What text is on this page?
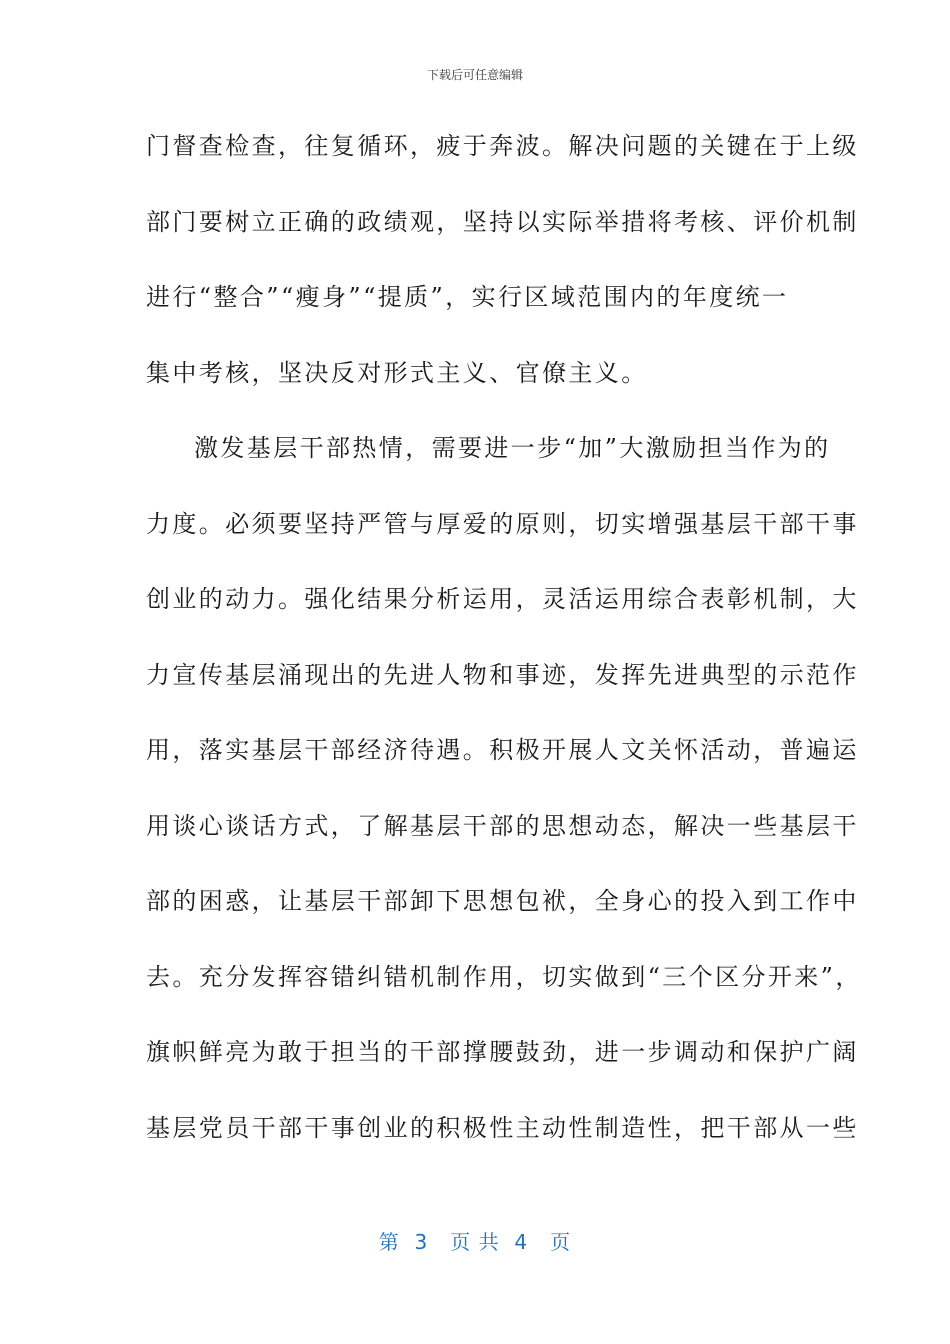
下载后可任意编辑
门督查检查，往复循环，疲于奔波。解决问题的关键在于上级
部门要树立正确的政绩观，坚持以实际举措将考核、评价机制
进行“整合”“瘦身”“提质”，实行区域范围内的年度统一
集中考核，坚决反对形式主义、官僚主义。
激发基层干部热情，需要进一步“加”大激励担当作为的
力度。必须要坚持严管与厚爱的原则，切实增强基层干部干事
创业的动力。强化结果分析运用，灵活运用综合表彰机制，大
力宣传基层涌现出的先进人物和事迹，发挥先进典型的示范作
用，落实基层干部经济待遇。积极开展人文关怀活动，普遍运
用谈心谈话方式，了解基层干部的思想动态，解决一些基层干
部的困惑，让基层干部卸下思想包袱，全身心的投入到工作中
去。充分发挥容错纠错机制作用，切实做到“三个区分开来”，
旗帜鲜亮为敢于担当的干部撑腰鼓劲，进一步调动和保护广阔
基层党员干部干事创业的积极性主动性制造性，把干部从一些
第  3   页 共  4   页
